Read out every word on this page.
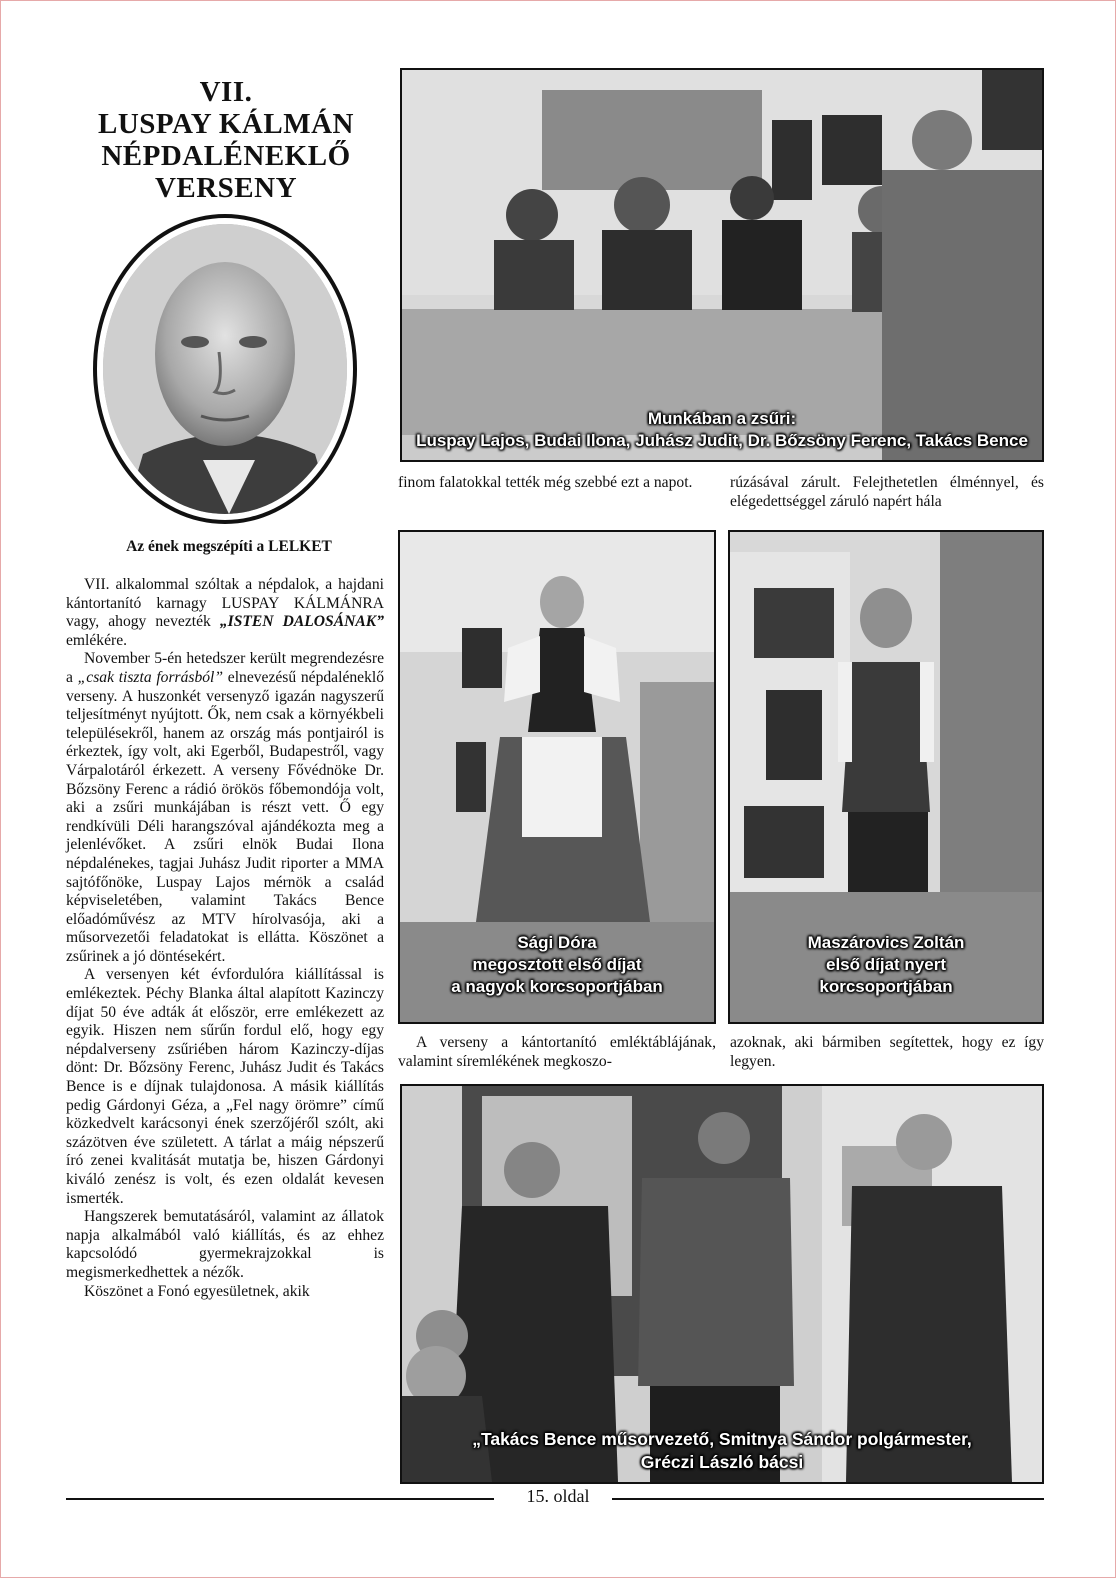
VII.
LUSPAY KÁLMÁN
NÉPDALÉNEKLŐ
VERSENY
Munkában a zsűri:
Luspay Lajos, Budai Ilona, Juhász Judit, Dr. Bőzsöny Ferenc, Takács Bence
finom falatokkal tették még szebbé ezt a napot.	rúzásával zárult. Felejthetetlen élménnyel, és elégedettséggel záruló napért hála
Az ének megszépíti a LELKET

VII. alkalommal szóltak a népdalok, a hajdani kántortanító karnagy LUSPAY KÁLMÁNRA vagy, ahogy nevezték „ISTEN DALOSÁNAK” emlékére.

November 5-én hetedszer került megrendezésre a „csak tiszta forrásból” elnevezésű népdaléneklő verseny. A huszonkét versenyző igazán nagyszerű teljesítményt nyújtott. Ők, nem csak a környékbeli településekről, hanem az ország más pontjairól is érkeztek, így volt, aki Egerből, Budapestről, vagy Várpalotáról érkezett. A verseny Fővédnöke Dr. Bőzsöny Ferenc a rádió örökös főbemondója volt, aki a zsűri munkájában is részt vett. Ő egy rendkívüli Déli harangszóval ajándékozta meg a jelenlévőket. A zsűri elnök Budai Ilona népdalénekes, tagjai Juhász Judit riporter a MMA sajtófőnöke, Luspay Lajos mérnök a család képviseletében, valamint Takács Bence előadóművész az MTV hírolvasója, aki a műsorvezetői feladatokat is ellátta. Köszönet a zsűrinek a jó döntésekért.

A versenyen két évfordulóra kiállítással is emlékeztek. Péchy Blanka által alapított Kazinczy díjat 50 éve adták át először, erre emlékezett az egyik. Hiszen nem sűrűn fordul elő, hogy egy népdalverseny zsűriében három Kazinczy-díjas dönt: Dr. Bőzsöny Ferenc, Juhász Judit és Takács Bence is e díjnak tulajdonosa. A másik kiállítás pedig Gárdonyi Géza, a „Fel nagy örömre” című közkedvelt karácsonyi ének szerzőjéről szólt, aki százötven éve született. A tárlat a máig népszerű író zenei kvalitását mutatja be, hiszen Gárdonyi kiváló zenész is volt, és ezen oldalát kevesen ismerték.

Hangszerek bemutatásáról, valamint az állatok napja alkalmából való kiállítás, és az ehhez kapcsolódó gyermekrajzokkal is megismerkedhettek a nézők.

Köszönet a Fonó egyesületnek, akik

Sági Dóra
megosztott első díjat
a nagyok korcsoportjában
Maszárovics Zoltán
első díjat nyert
korcsoportjában

A verseny a kántortanító emléktáblájának, valamint síremlékének megkoszo-

azoknak, aki bármiben segítettek, hogy ez így legyen.
„Takács Bence műsorvezető, Smitnya Sándor polgármester,
Gréczi László bácsi
15. oldal
